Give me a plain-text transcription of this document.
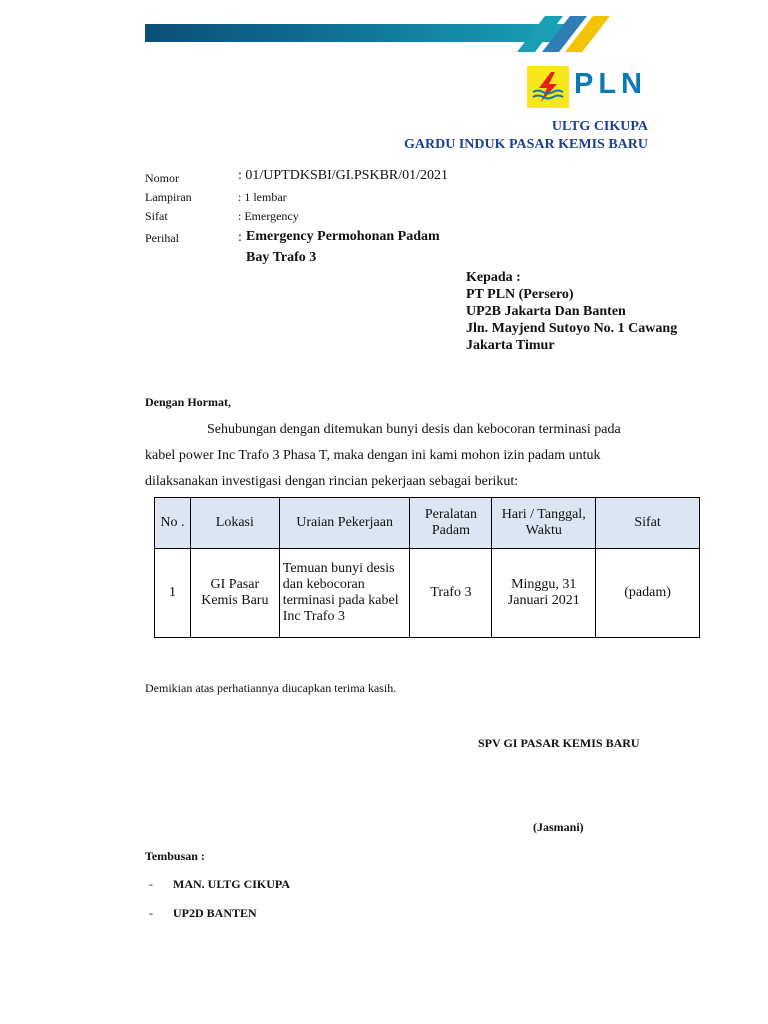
PLN
ULTG CIKUPA
GARDU INDUK PASAR KEMIS BARU
Nomor	: 01/UPTDKSBI/GI.PSKBR/01/2021
Lampiran	: 1 lembar
Sifat	: Emergency
Perihal	: Emergency Permohonan Padam
Bay Trafo 3
Kepada :
PT PLN (Persero)
UP2B Jakarta Dan Banten
Jln. Mayjend Sutoyo No. 1 Cawang
Jakarta Timur
Dengan Hormat,
Sehubungan dengan ditemukan bunyi desis dan kebocoran terminasi pada
kabel power Inc Trafo 3 Phasa T, maka dengan ini kami mohon izin padam untuk
dilaksanakan investigasi dengan rincian pekerjaan sebagai berikut:
No .	Lokasi	Uraian Pekerjaan	Peralatan Padam	Hari / Tanggal, Waktu	Sifat
1	GI Pasar Kemis Baru	Temuan bunyi desis dan kebocoran terminasi pada kabel Inc Trafo 3	Trafo 3	Minggu, 31 Januari 2021	(padam)
Demikian atas perhatiannya diucapkan terima kasih.
SPV GI PASAR KEMIS BARU
(Jasmani)
Tembusan :
- MAN. ULTG CIKUPA
- UP2D BANTEN
